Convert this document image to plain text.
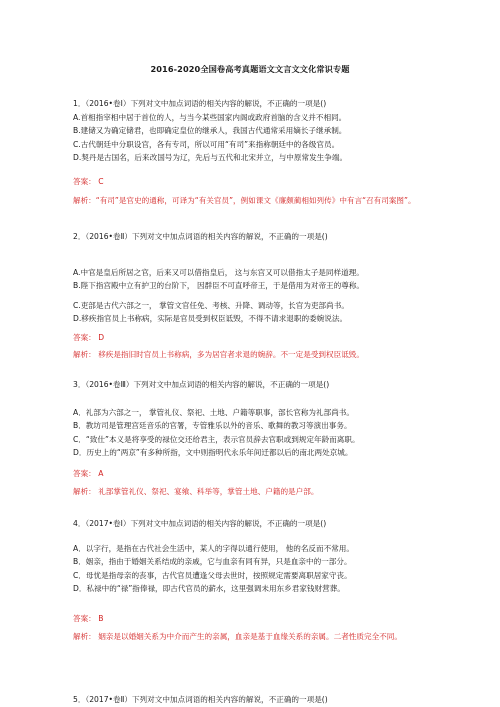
2016-2020全国卷高考真题语文文言文文化常识专题
1．（2016•卷Ⅰ）下列对文中加点词语的相关内容的解说，不正确的一项是()
A.首相指宰相中居于首位的人，与当今某些国家内阁或政府首脑的含义并不相同。
B.建储又为确定储君，也即确定皇位的继承人，我国古代通常采用嫡长子继承制。
C.古代朝廷中分职设官，各有专司，所以可用“有司”来指称朝廷中的各级官员。
D.契丹是古国名，后来改国号为辽，先后与五代和北宋并立，与中原常发生争端。
答案： C
解析：“有司”是官史的通称，可译为“有关官员”，例如课文《廉颇蔺相如列传》中有言“召有司案图”。
2．（2016•卷Ⅱ）下列对文中加点词语的相关内容的解说，不正确的一项是()
A.中官是皇后所居之官，后来又可以借指皇后， 这与东宫又可以借指太子是同样道理。
B.陛下指宫殿中立有护卫的台阶下， 因群臣不可直呼帝王，于是借用为对帝王的尊称。
C.吏部是古代六部之一， 掌管文官任免、考核、升降、调动等，长官为吏部尚书。
D.移疾指官员上书称病，实际是官员受到权臣诋毁，不得不请求退职的委婉说法。
答案： D
解析： 移疾是指旧时官员上书称病，多为居官者求退的婉辞。不一定是受到权臣诋毁。
3．（2016•卷Ⅲ）下列对文中加点词语的相关内容的解说，不正确的一项是()
A．礼部为六部之一， 掌管礼仪、祭祀、土地、户籍等职事，部长官称为礼部尚书。
B．教坊司是管理宫廷音乐的官署，专管雅乐以外的音乐、歌舞的教习等演出事务。
C．“致仕”本义是将享受的禄位交还给君主，表示官员辞去官职或到规定年龄而离职。
D．历史上的“两京”有多种所指，文中则指明代永乐年间迁都以后的南北两处京城。
答案： A
解析： 礼部掌管礼仪、祭祀、宴飨、科举等，掌管土地、户籍的是户部。
4．（2017•卷Ⅰ）下列对文中加点词语的相关内容的解说，不正确的一项是()
A．以字行，是指在古代社会生活中，某人的字得以通行使用， 他的名反而不常用。
B．姻亲，指由于婚姻关系结成的亲戚，它与血亲有同有异，只是血亲中的一部分。
C．母忧是指母亲的丧事，古代官员遭逢父母去世时，按照规定需要离职居家守丧。
D．私禄中的“禄”指俸禄，即古代官员的薪水，这里强调未用东乡君家钱财营葬。
答案： B
解析： 姻亲是以婚姻关系为中介而产生的亲属，血亲是基于血缘关系的亲属。二者性质完全不同。
5．（2017•卷Ⅱ）下列对文中加点词语的相关内容的解说，不正确的一项是()
